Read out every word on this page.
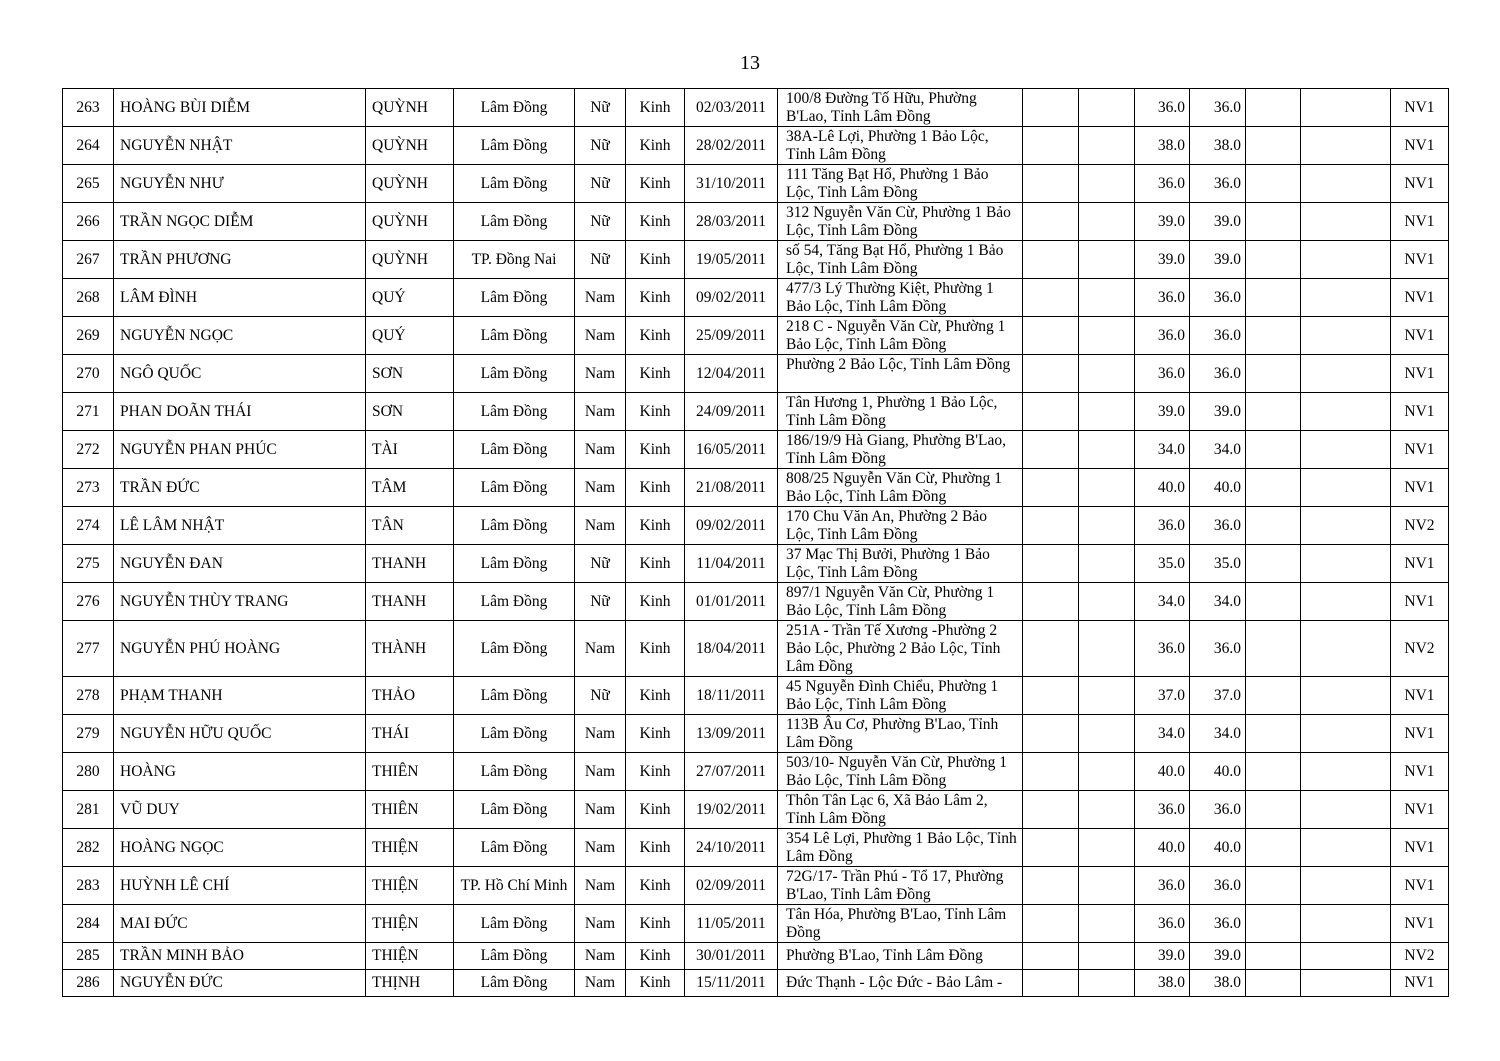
13
263	HOÀNG BÙI DIỄM	QUỲNH	Lâm Đồng	Nữ	Kinh	02/03/2011	100/8 Đường Tố Hữu, Phường B'Lao, Tỉnh Lâm Đồng			36.0	36.0			NV1
264	NGUYỄN NHẬT	QUỲNH	Lâm Đồng	Nữ	Kinh	28/02/2011	38A-Lê Lợi, Phường 1 Bảo Lộc, Tỉnh Lâm Đồng			38.0	38.0			NV1
265	NGUYỄN NHƯ	QUỲNH	Lâm Đồng	Nữ	Kinh	31/10/2011	111 Tăng Bạt Hổ, Phường 1 Bảo Lộc, Tỉnh Lâm Đồng			36.0	36.0			NV1
266	TRẦN NGỌC DIỄM	QUỲNH	Lâm Đồng	Nữ	Kinh	28/03/2011	312 Nguyễn Văn Cừ, Phường 1 Bảo Lộc, Tỉnh Lâm Đồng			39.0	39.0			NV1
267	TRẦN PHƯƠNG	QUỲNH	TP. Đồng Nai	Nữ	Kinh	19/05/2011	số 54, Tăng Bạt Hổ, Phường 1 Bảo Lộc, Tỉnh Lâm Đồng			39.0	39.0			NV1
268	LÂM ĐÌNH	QUÝ	Lâm Đồng	Nam	Kinh	09/02/2011	477/3 Lý Thường Kiệt, Phường 1 Bảo Lộc, Tỉnh Lâm Đồng			36.0	36.0			NV1
269	NGUYỄN NGỌC	QUÝ	Lâm Đồng	Nam	Kinh	25/09/2011	218 C - Nguyễn Văn Cừ, Phường 1 Bảo Lộc, Tỉnh Lâm Đồng			36.0	36.0			NV1
270	NGÔ QUỐC	SƠN	Lâm Đồng	Nam	Kinh	12/04/2011	Phường 2 Bảo Lộc, Tỉnh Lâm Đồng			36.0	36.0			NV1
271	PHAN DOÃN THÁI	SƠN	Lâm Đồng	Nam	Kinh	24/09/2011	Tân Hương 1, Phường 1 Bảo Lộc, Tỉnh Lâm Đồng			39.0	39.0			NV1
272	NGUYỄN PHAN PHÚC	TÀI	Lâm Đồng	Nam	Kinh	16/05/2011	186/19/9 Hà Giang, Phường B'Lao, Tỉnh Lâm Đồng			34.0	34.0			NV1
273	TRẦN ĐỨC	TÂM	Lâm Đồng	Nam	Kinh	21/08/2011	808/25 Nguyễn Văn Cừ, Phường 1 Bảo Lộc, Tỉnh Lâm Đồng			40.0	40.0			NV1
274	LÊ LÂM NHẬT	TÂN	Lâm Đồng	Nam	Kinh	09/02/2011	170 Chu Văn An, Phường 2 Bảo Lộc, Tỉnh Lâm Đồng			36.0	36.0			NV2
275	NGUYỄN ĐAN	THANH	Lâm Đồng	Nữ	Kinh	11/04/2011	37 Mạc Thị Bưởi, Phường 1 Bảo Lộc, Tỉnh Lâm Đồng			35.0	35.0			NV1
276	NGUYỄN THÙY TRANG	THANH	Lâm Đồng	Nữ	Kinh	01/01/2011	897/1 Nguyễn Văn Cừ, Phường 1 Bảo Lộc, Tỉnh Lâm Đồng			34.0	34.0			NV1
277	NGUYỄN PHÚ HOÀNG	THÀNH	Lâm Đồng	Nam	Kinh	18/04/2011	251A - Trần Tế Xương -Phường 2 Bảo Lộc, Phường 2 Bảo Lộc, Tỉnh Lâm Đồng			36.0	36.0			NV2
278	PHẠM THANH	THẢO	Lâm Đồng	Nữ	Kinh	18/11/2011	45 Nguyễn Đình Chiểu, Phường 1 Bảo Lộc, Tỉnh Lâm Đồng			37.0	37.0			NV1
279	NGUYỄN HỮU QUỐC	THÁI	Lâm Đồng	Nam	Kinh	13/09/2011	113B Âu Cơ, Phường B'Lao, Tỉnh Lâm Đồng			34.0	34.0			NV1
280	HOÀNG	THIÊN	Lâm Đồng	Nam	Kinh	27/07/2011	503/10- Nguyễn Văn Cừ, Phường 1 Bảo Lộc, Tỉnh Lâm Đồng			40.0	40.0			NV1
281	VŨ DUY	THIÊN	Lâm Đồng	Nam	Kinh	19/02/2011	Thôn Tân Lạc 6, Xã Bảo Lâm 2, Tỉnh Lâm Đồng			36.0	36.0			NV1
282	HOÀNG NGỌC	THIỆN	Lâm Đồng	Nam	Kinh	24/10/2011	354 Lê Lợi, Phường 1 Bảo Lộc, Tỉnh Lâm Đồng			40.0	40.0			NV1
283	HUỲNH LÊ CHÍ	THIỆN	TP. Hồ Chí Minh	Nam	Kinh	02/09/2011	72G/17- Trần Phú - Tổ 17, Phường B'Lao, Tỉnh Lâm Đồng			36.0	36.0			NV1
284	MAI ĐỨC	THIỆN	Lâm Đồng	Nam	Kinh	11/05/2011	Tân Hóa, Phường B'Lao, Tỉnh Lâm Đồng			36.0	36.0			NV1
285	TRẦN MINH BẢO	THIỆN	Lâm Đồng	Nam	Kinh	30/01/2011	Phường B'Lao, Tỉnh Lâm Đồng			39.0	39.0			NV2
286	NGUYỄN ĐỨC	THỊNH	Lâm Đồng	Nam	Kinh	15/11/2011	Đức Thạnh - Lộc Đức - Bảo Lâm -			38.0	38.0			NV1
